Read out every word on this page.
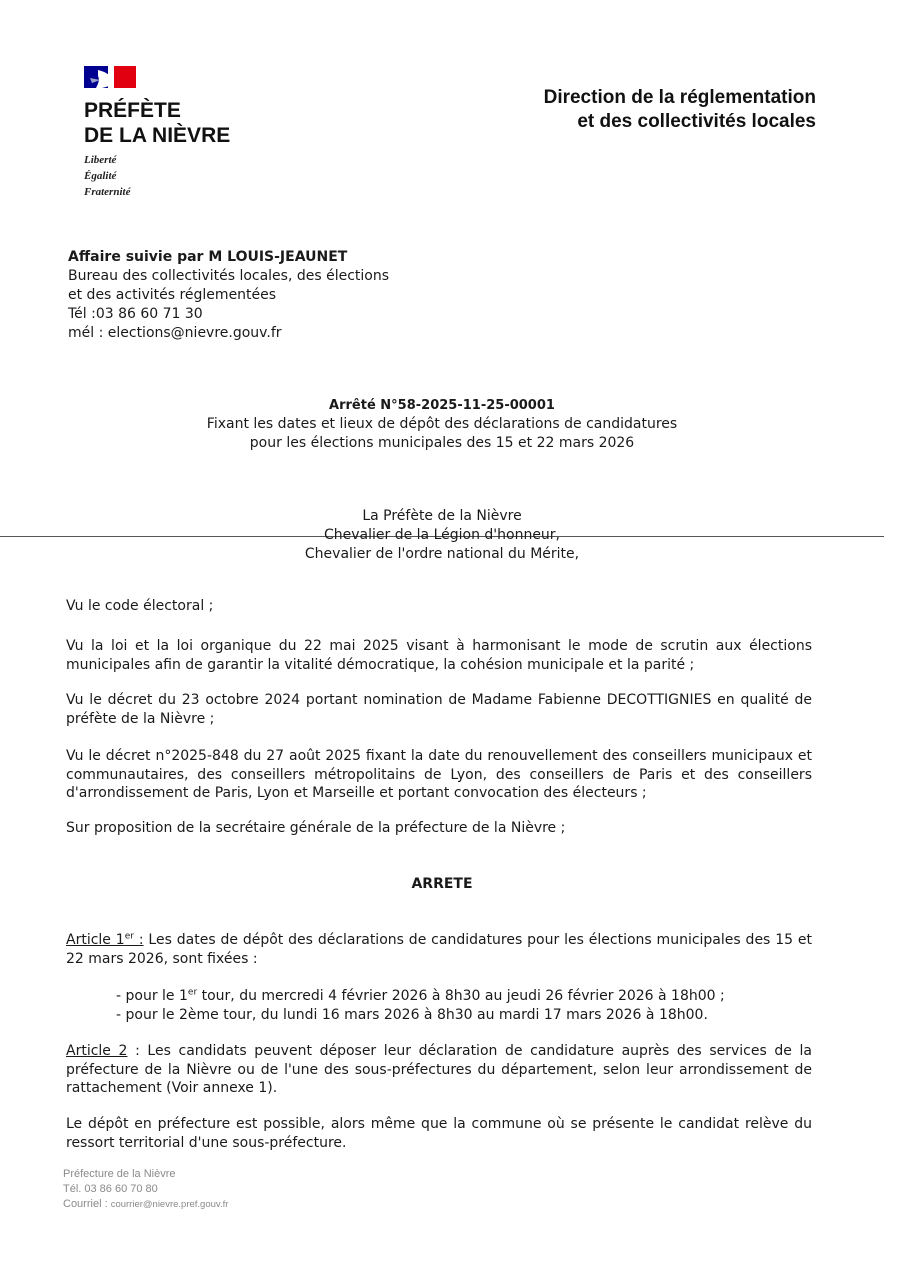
PRÉFÈTE
DE LA NIÈVRE
Liberté
Égalité
Fraternité
Direction de la réglementation
et des collectivités locales
Affaire suivie par M LOUIS-JEAUNET
Bureau des collectivités locales, des élections
et des activités réglementées
Tél :03 86 60 71 30
mél : elections@nievre.gouv.fr
Arrêté N°58-2025-11-25-00001
Fixant les dates et lieux de dépôt des déclarations de candidatures
pour les élections municipales des 15 et 22 mars 2026
La Préfète de la Nièvre
Chevalier de la Légion d'honneur,
Chevalier de l'ordre national du Mérite,
Vu le code électoral ;
Vu la loi et la loi organique du 22 mai 2025 visant à harmonisant le mode de scrutin aux élections municipales afin de garantir la vitalité démocratique, la cohésion municipale et la parité ;
Vu le décret du 23 octobre 2024 portant nomination de Madame Fabienne DECOTTIGNIES en qualité de préfète de la Nièvre ;
Vu le décret n°2025-848 du 27 août 2025 fixant la date du renouvellement des conseillers municipaux et communautaires, des conseillers métropolitains de Lyon, des conseillers de Paris et des conseillers d'arrondissement de Paris, Lyon et Marseille et portant convocation des électeurs ;
Sur proposition de la secrétaire générale de la préfecture de la Nièvre ;
ARRETE
Article 1er : Les dates de dépôt des déclarations de candidatures pour les élections municipales des 15 et 22 mars 2026, sont fixées :
- pour le 1er tour, du mercredi 4 février 2026 à 8h30 au jeudi 26 février 2026 à 18h00 ;
- pour le 2ème tour, du lundi 16 mars 2026 à 8h30 au mardi 17 mars 2026 à 18h00.
Article 2 : Les candidats peuvent déposer leur déclaration de candidature auprès des services de la préfecture de la Nièvre ou de l'une des sous-préfectures du département, selon leur arrondissement de rattachement (Voir annexe 1).
Le dépôt en préfecture est possible, alors même que la commune où se présente le candidat relève du ressort territorial d'une sous-préfecture.
Préfecture de la Nièvre
Tél. 03 86 60 70 80
Courriel : courrier@nievre.pref.gouv.fr
